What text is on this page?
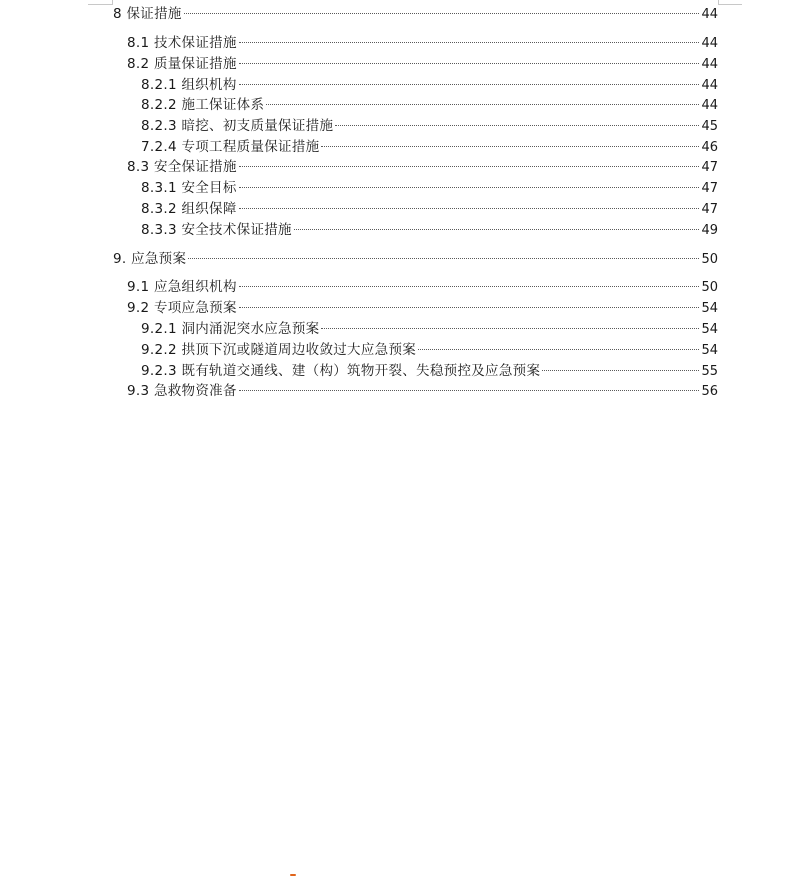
8 保证措施	44
8.1 技术保证措施	44
8.2 质量保证措施	44
8.2.1 组织机构	44
8.2.2 施工保证体系	44
8.2.3 暗挖、初支质量保证措施	45
7.2.4 专项工程质量保证措施	46
8.3 安全保证措施	47
8.3.1 安全目标	47
8.3.2 组织保障	47
8.3.3 安全技术保证措施	49
9. 应急预案	50
9.1 应急组织机构	50
9.2 专项应急预案	54
9.2.1 洞内涌泥突水应急预案	54
9.2.2 拱顶下沉或隧道周边收敛过大应急预案	54
9.2.3 既有轨道交通线、建（构）筑物开裂、失稳预控及应急预案	55
9.3 急救物资准备	56
